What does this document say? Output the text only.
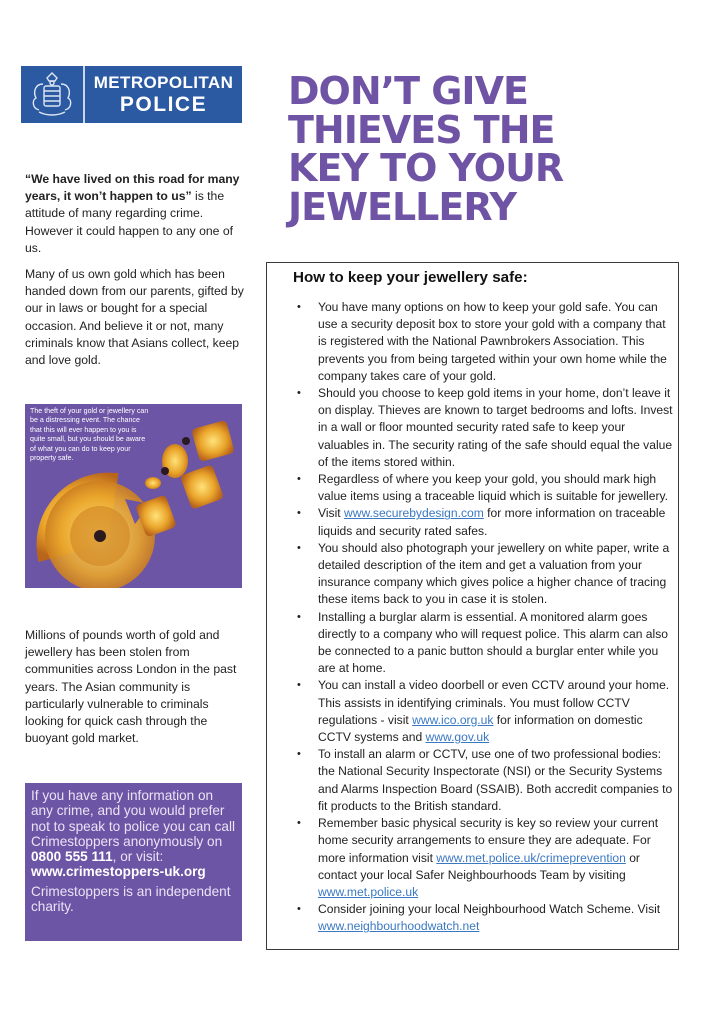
METROPOLITAN
POLICE	DON’T GIVE
THIEVES THE
KEY TO YOUR
JEWELLERY
“We have lived on this road for many years, it won’t happen to us” is the attitude of many regarding crime. However it could happen to any one of us.
Many of us own gold which has been handed down from our parents, gifted by our in laws or bought for a special occasion. And believe it or not, many criminals know that Asians collect, keep and love gold.
The theft of your gold or jewellery can be a distressing event. The chance that this will ever happen to you is quite small, but you should be aware of what you can do to keep your property safe.
Millions of pounds worth of gold and jewellery has been stolen from communities across London in the past years. The Asian community is particularly vulnerable to criminals looking for quick cash through the buoyant gold market.
If you have any information on any crime, and you would prefer not to speak to police you can call Crimestoppers anonymously on 0800 555 111, or visit:
www.crimestoppers-uk.org
Crimestoppers is an independent charity.
How to keep your jewellery safe:
• You have many options on how to keep your gold safe. You can use a security deposit box to store your gold with a company that is registered with the National Pawnbrokers Association. This prevents you from being targeted within your own home while the company takes care of your gold.
• Should you choose to keep gold items in your home, don’t leave it on display. Thieves are known to target bedrooms and lofts. Invest in a wall or floor mounted security rated safe to keep your valuables in. The security rating of the safe should equal the value of the items stored within.
• Regardless of where you keep your gold, you should mark high value items using a traceable liquid which is suitable for jewellery.
• Visit www.securebydesign.com for more information on traceable liquids and security rated safes.
• You should also photograph your jewellery on white paper, write a detailed description of the item and get a valuation from your insurance company which gives police a higher chance of tracing these items back to you in case it is stolen.
• Installing a burglar alarm is essential. A monitored alarm goes directly to a company who will request police. This alarm can also be connected to a panic button should a burglar enter while you are at home.
• You can install a video doorbell or even CCTV around your home. This assists in identifying criminals. You must follow CCTV regulations - visit www.ico.org.uk for information on domestic CCTV systems and www.gov.uk
• To install an alarm or CCTV, use one of two professional bodies: the National Security Inspectorate (NSI) or the Security Systems and Alarms Inspection Board (SSAIB). Both accredit companies to fit products to the British standard.
• Remember basic physical security is key so review your current home security arrangements to ensure they are adequate. For more information visit www.met.police.uk/crimeprevention or contact your local Safer Neighbourhoods Team by visiting www.met.police.uk
• Consider joining your local Neighbourhood Watch Scheme. Visit www.neighbourhoodwatch.net
